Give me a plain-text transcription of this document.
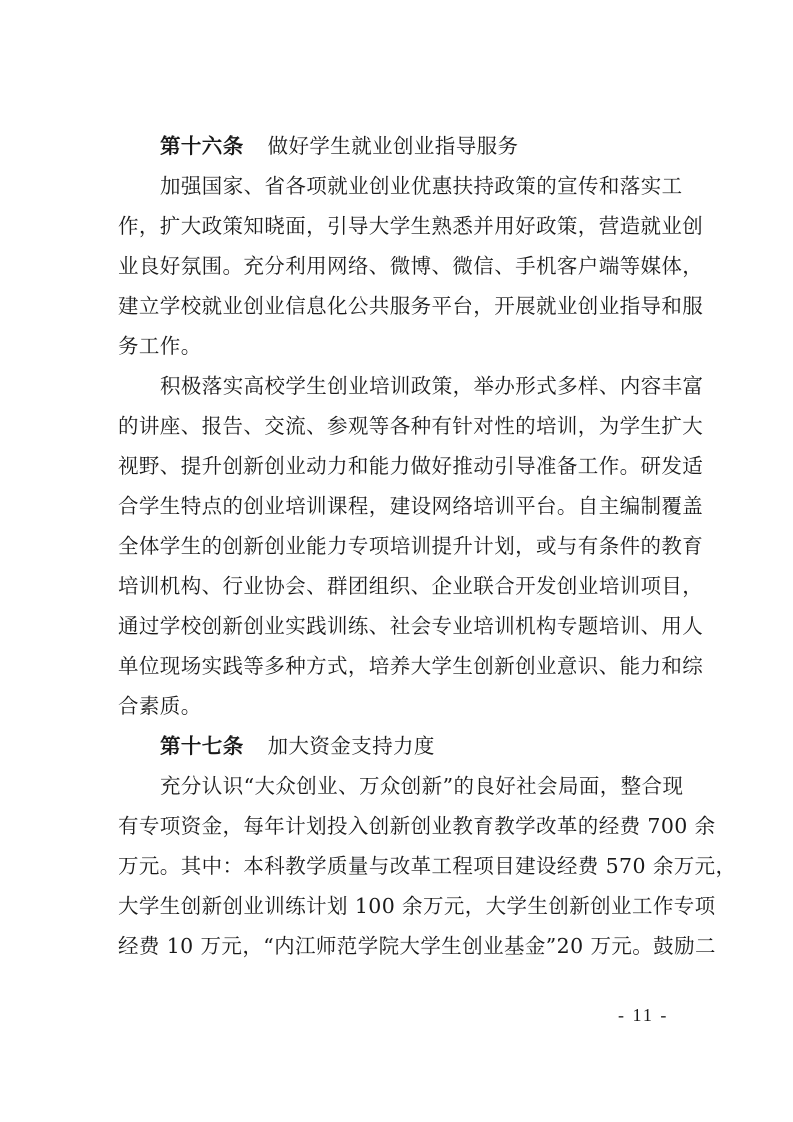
第十六条 做好学生就业创业指导服务
加强国家、省各项就业创业优惠扶持政策的宣传和落实工
作，扩大政策知晓面，引导大学生熟悉并用好政策，营造就业创
业良好氛围。充分利用网络、微博、微信、手机客户端等媒体，
建立学校就业创业信息化公共服务平台，开展就业创业指导和服
务工作。
积极落实高校学生创业培训政策，举办形式多样、内容丰富
的讲座、报告、交流、参观等各种有针对性的培训，为学生扩大
视野、提升创新创业动力和能力做好推动引导准备工作。研发适
合学生特点的创业培训课程，建设网络培训平台。自主编制覆盖
全体学生的创新创业能力专项培训提升计划，或与有条件的教育
培训机构、行业协会、群团组织、企业联合开发创业培训项目，
通过学校创新创业实践训练、社会专业培训机构专题培训、用人
单位现场实践等多种方式，培养大学生创新创业意识、能力和综
合素质。
第十七条 加大资金支持力度
充分认识“大众创业、万众创新”的良好社会局面，整合现
有专项资金，每年计划投入创新创业教育教学改革的经费 700 余
万元。其中：本科教学质量与改革工程项目建设经费 570 余万元，
大学生创新创业训练计划 100 余万元，大学生创新创业工作专项
经费 10 万元，“内江师范学院大学生创业基金”20 万元。鼓励二
- 11 -
